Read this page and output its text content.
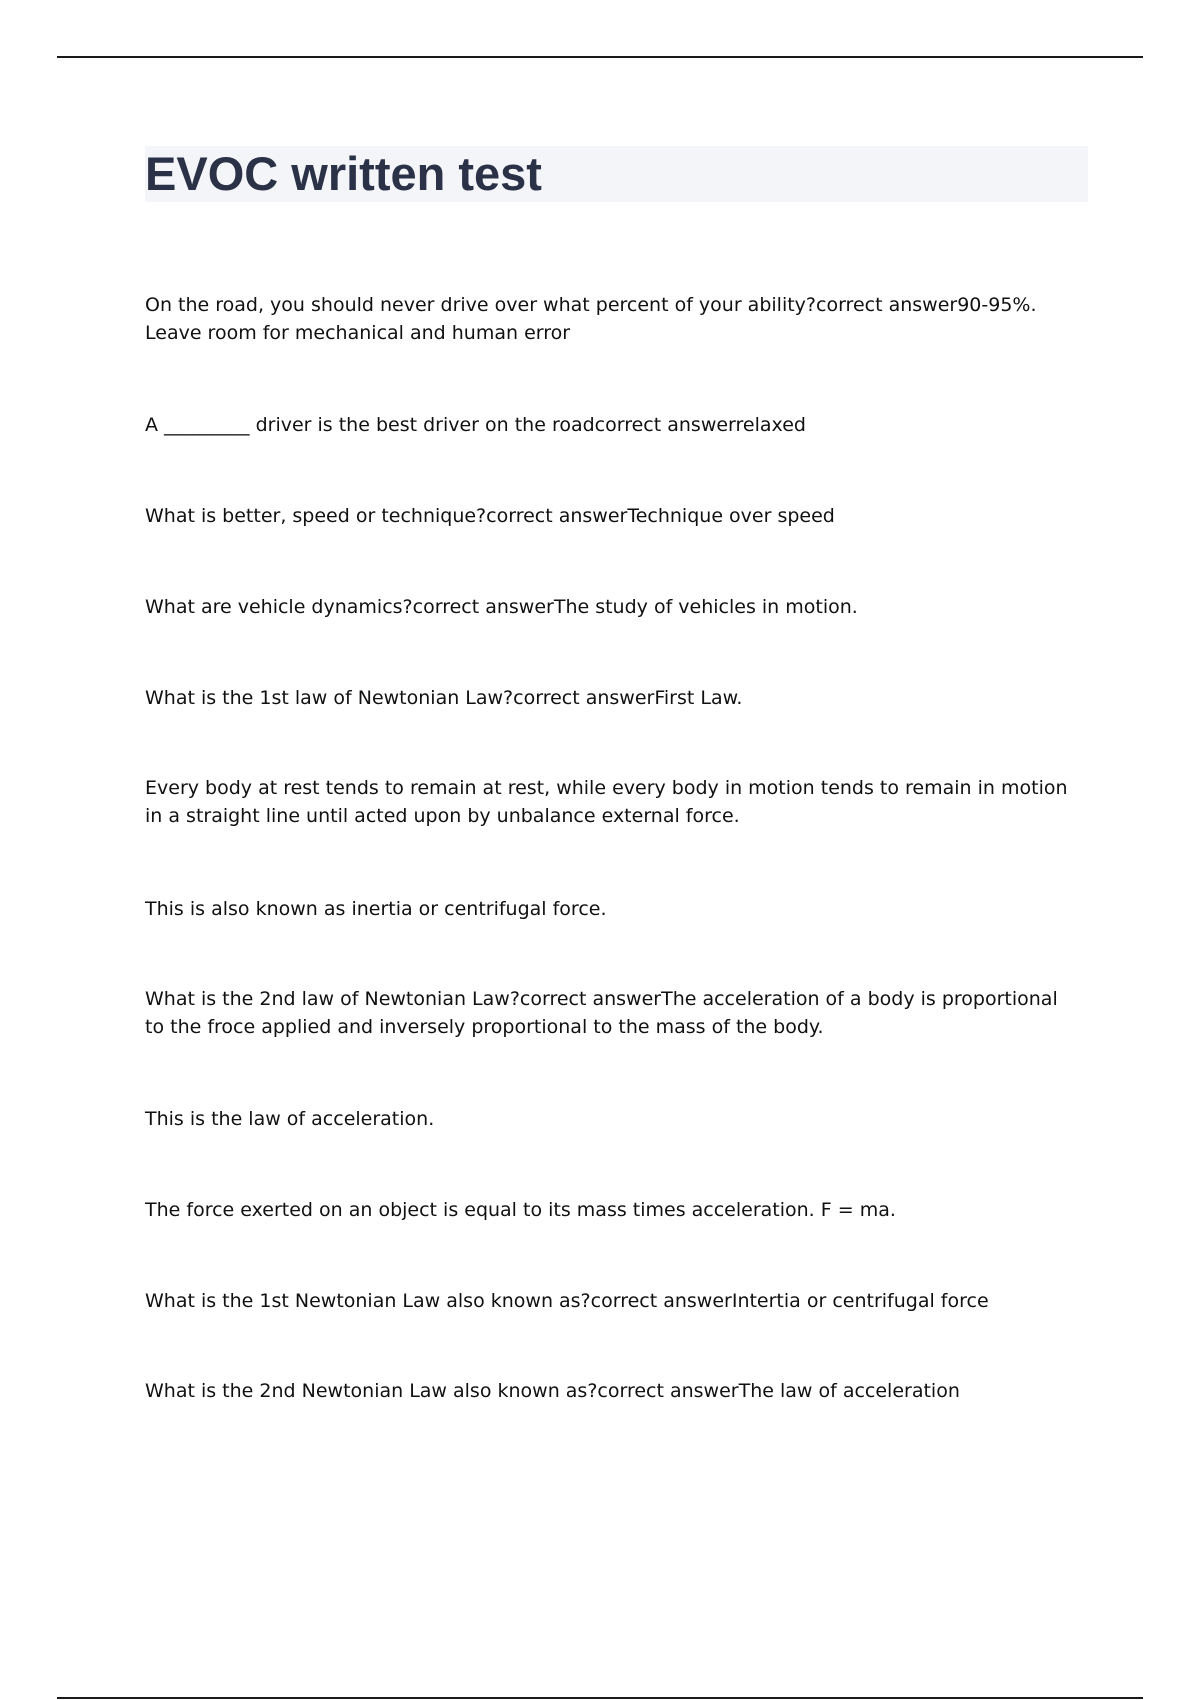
EVOC written test

On the road, you should never drive over what percent of your ability?correct answer90-95%. Leave room for mechanical and human error

A _________ driver is the best driver on the roadcorrect answerrelaxed

What is better, speed or technique?correct answerTechnique over speed

What are vehicle dynamics?correct answerThe study of vehicles in motion.

What is the 1st law of Newtonian Law?correct answerFirst Law.

Every body at rest tends to remain at rest, while every body in motion tends to remain in motion in a straight line until acted upon by unbalance external force.

This is also known as inertia or centrifugal force.

What is the 2nd law of Newtonian Law?correct answerThe acceleration of a body is proportional to the froce applied and inversely proportional to the mass of the body.

This is the law of acceleration.

The force exerted on an object is equal to its mass times acceleration. F = ma.

What is the 1st Newtonian Law also known as?correct answerIntertia or centrifugal force

What is the 2nd Newtonian Law also known as?correct answerThe law of acceleration
